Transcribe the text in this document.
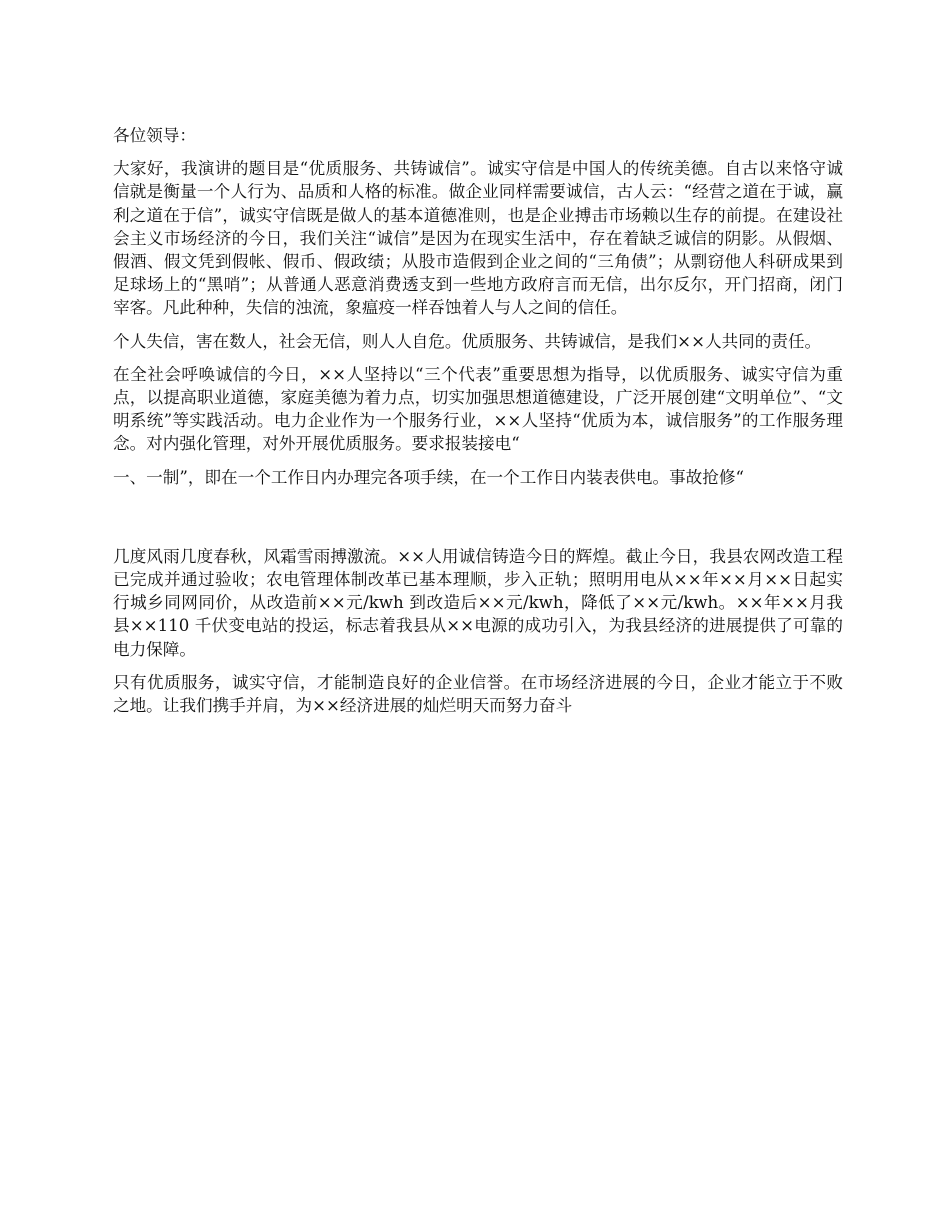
各位领导：

大家好，我演讲的题目是“优质服务、共铸诚信”。诚实守信是中国人的传统美德。自古以来恪守诚信就是衡量一个人行为、品质和人格的标准。做企业同样需要诚信，古人云：“经营之道在于诚，赢利之道在于信”，诚实守信既是做人的基本道德准则，也是企业搏击市场赖以生存的前提。在建设社会主义市场经济的今日，我们关注“诚信”是因为在现实生活中，存在着缺乏诚信的阴影。从假烟、假酒、假文凭到假帐、假币、假政绩；从股市造假到企业之间的“三角债”；从剽窃他人科研成果到足球场上的“黑哨”；从普通人恶意消费透支到一些地方政府言而无信，出尔反尔，开门招商，闭门宰客。凡此种种，失信的浊流，象瘟疫一样吞蚀着人与人之间的信任。

个人失信，害在数人，社会无信，则人人自危。优质服务、共铸诚信，是我们××人共同的责任。

在全社会呼唤诚信的今日，××人坚持以“三个代表”重要思想为指导，以优质服务、诚实守信为重点，以提高职业道德，家庭美德为着力点，切实加强思想道德建设，广泛开展创建“文明单位”、“文明系统”等实践活动。电力企业作为一个服务行业，××人坚持“优质为本，诚信服务”的工作服务理念。对内强化管理，对外开展优质服务。要求报装接电“

一、一制”，即在一个工作日内办理完各项手续，在一个工作日内装表供电。事故抢修“

几度风雨几度春秋，风霜雪雨搏激流。××人用诚信铸造今日的辉煌。截止今日，我县农网改造工程已完成并通过验收；农电管理体制改革已基本理顺，步入正轨；照明用电从××年××月××日起实行城乡同网同价，从改造前××元/kwh 到改造后××元/kwh，降低了××元/kwh。××年××月我县××110 千伏变电站的投运，标志着我县从××电源的成功引入，为我县经济的进展提供了可靠的电力保障。

只有优质服务，诚实守信，才能制造良好的企业信誉。在市场经济进展的今日，企业才能立于不败之地。让我们携手并肩，为××经济进展的灿烂明天而努力奋斗
